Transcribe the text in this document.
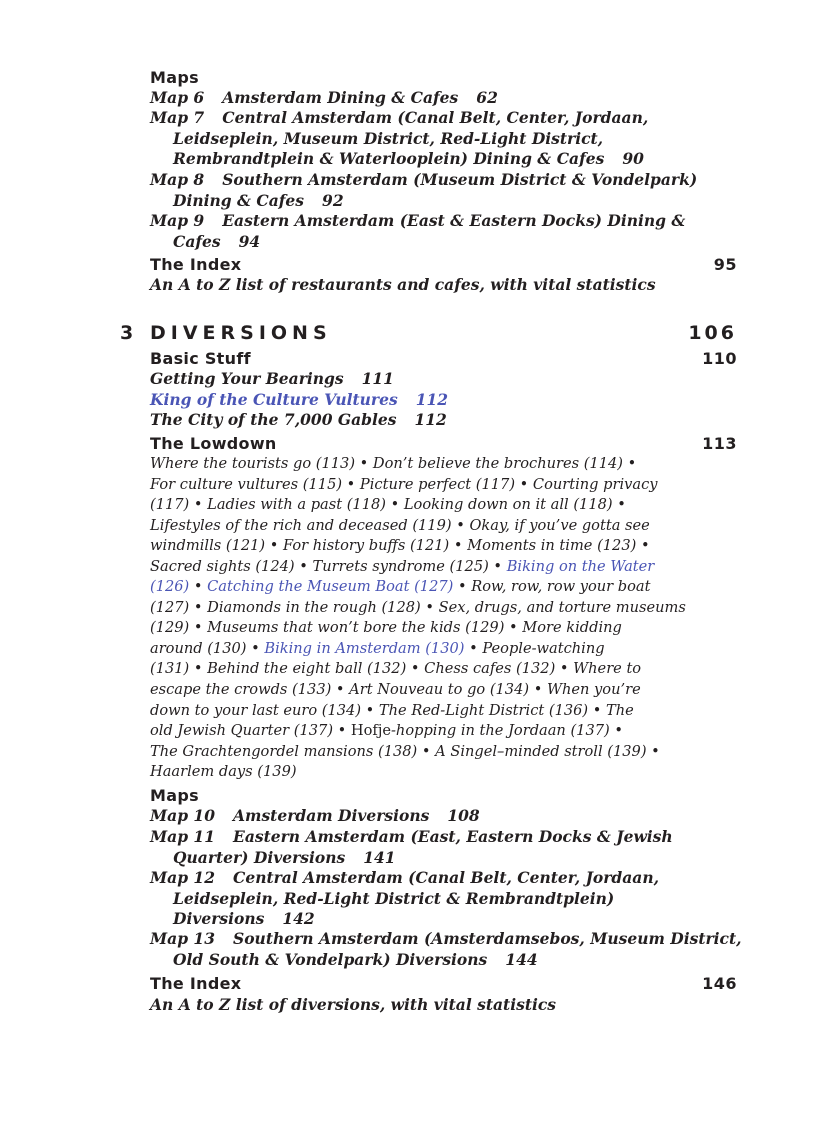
Maps
Map 6 Amsterdam Dining & Cafes 62
Map 7 Central Amsterdam (Canal Belt, Center, Jordaan,
Leidseplein, Museum District, Red-Light District,
Rembrandtplein & Waterlooplein) Dining & Cafes 90
Map 8 Southern Amsterdam (Museum District & Vondelpark)
Dining & Cafes 92
Map 9 Eastern Amsterdam (East & Eastern Docks) Dining &
Cafes 94
The Index	95
An A to Z list of restaurants and cafes, with vital statistics
3 DIVERSIONS	106
Basic Stuff	110
Getting Your Bearings 111
King of the Culture Vultures 112
The City of the 7,000 Gables 112
The Lowdown	113
Where the tourists go (113) • Don’t believe the brochures (114) •
For culture vultures (115) • Picture perfect (117) • Courting privacy
(117) • Ladies with a past (118) • Looking down on it all (118) •
Lifestyles of the rich and deceased (119) • Okay, if you’ve gotta see
windmills (121) • For history buffs (121) • Moments in time (123) •
Sacred sights (124) • Turrets syndrome (125) • Biking on the Water
(126) • Catching the Museum Boat (127) • Row, row, row your boat
(127) • Diamonds in the rough (128) • Sex, drugs, and torture museums
(129) • Museums that won’t bore the kids (129) • More kidding
around (130) • Biking in Amsterdam (130) • People-watching
(131) • Behind the eight ball (132) • Chess cafes (132) • Where to
escape the crowds (133) • Art Nouveau to go (134) • When you’re
down to your last euro (134) • The Red-Light District (136) • The
old Jewish Quarter (137) • Hofje-hopping in the Jordaan (137) •
The Grachtengordel mansions (138) • A Singel–minded stroll (139) •
Haarlem days (139)
Maps
Map 10 Amsterdam Diversions 108
Map 11 Eastern Amsterdam (East, Eastern Docks & Jewish
Quarter) Diversions 141
Map 12 Central Amsterdam (Canal Belt, Center, Jordaan,
Leidseplein, Red-Light District & Rembrandtplein)
Diversions 142
Map 13 Southern Amsterdam (Amsterdamsebos, Museum District,
Old South & Vondelpark) Diversions 144
The Index	146
An A to Z list of diversions, with vital statistics
